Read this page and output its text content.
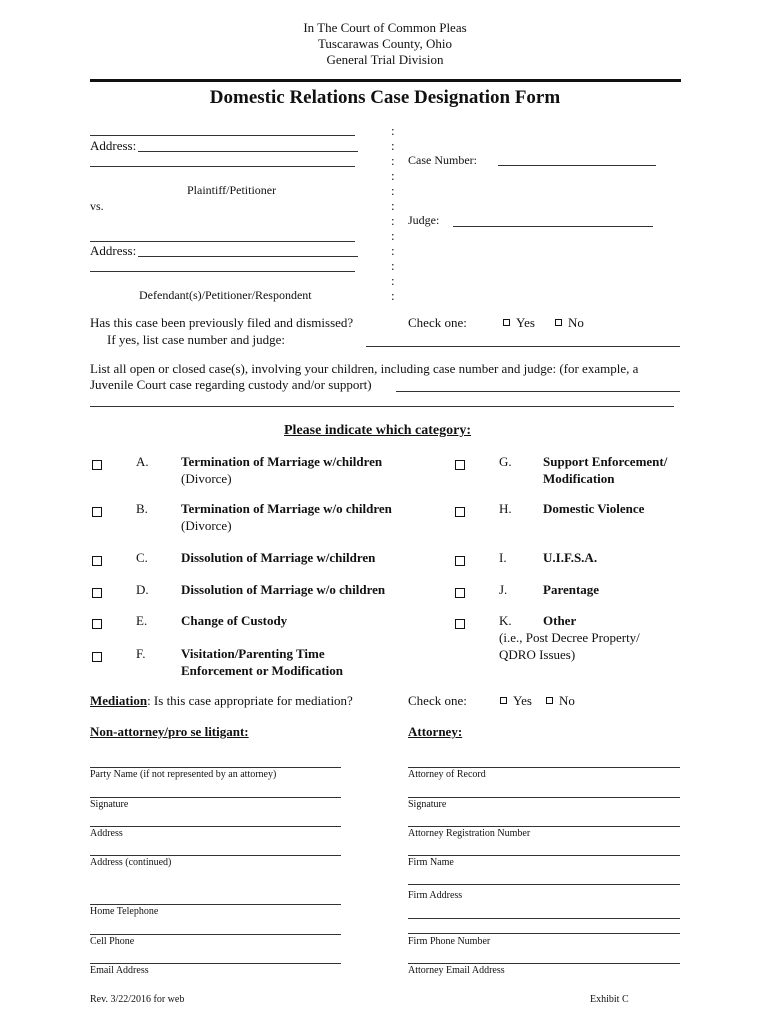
In The Court of Common Pleas
Tuscarawas County, Ohio
General Trial Division
Domestic Relations Case Designation Form
Address:
Plaintiff/Petitioner
vs.
Address:
Defendant(s)/Petitioner/Respondent
:
:
:
:
:
:
:
:
:
:
:
:
Case Number:
Judge:
Has this case been previously filed and dismissed?
If yes, list case number and judge:
Check one:	Yes	No
List all open or closed case(s), involving your children, including case number and judge: (for example, a
Juvenile Court case regarding custody and/or support)
Please indicate which category:
A. Termination of Marriage w/children
(Divorce)
B.	Termination of Marriage w/o children
(Divorce)
C.	Dissolution of Marriage w/children
D. Dissolution of Marriage w/o children
E.	Change of Custody
F.	Visitation/Parenting Time
Enforcement or Modification
G. Support Enforcement/
Modification
H. Domestic Violence
I.	U.I.F.S.A.
J.	Parentage
K. Other
(i.e., Post Decree Property/
QDRO Issues)
Mediation: Is this case appropriate for mediation?	Check one:	Yes	No
Non-attorney/pro se litigant:	Attorney:
Party Name (if not represented by an attorney)
Signature
Address
Address (continued)
Home Telephone
Cell Phone
Email Address
Attorney of Record
Signature
Attorney Registration Number
Firm Name
Firm Address
Firm Phone Number
Attorney Email Address
Rev. 3/22/2016 for web	Exhibit C
